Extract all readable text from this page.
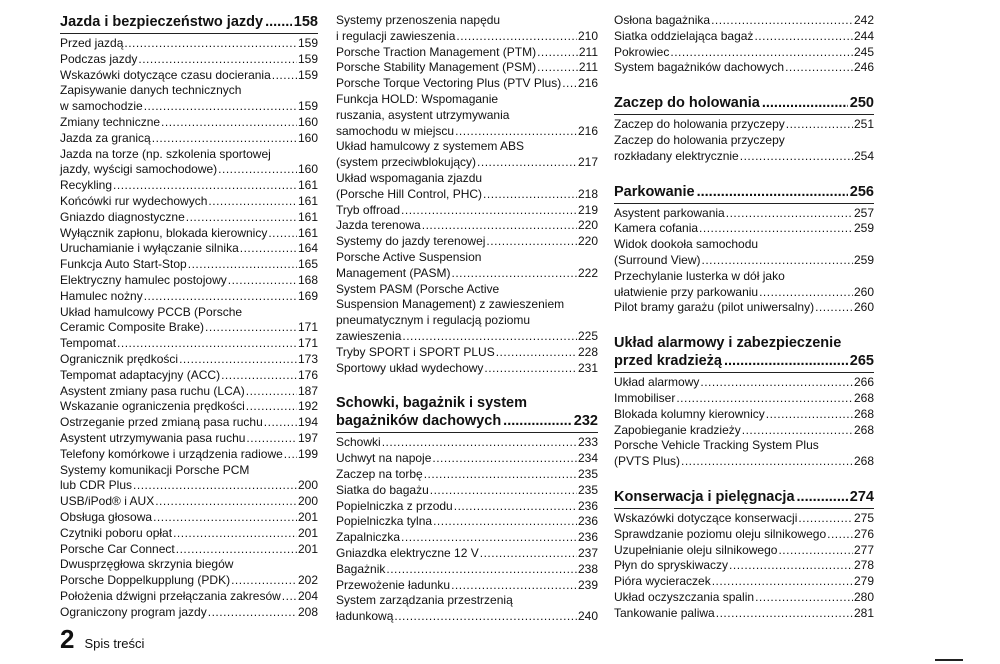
Jazda i bezpieczeństwo jazdy ..... 158
Przed jazdą .....	159
Podczas jazdy .....	159
Wskazówki dotyczące czasu docierania ..... 159
Zapisywanie danych technicznych
w samochodzie .....	159
Zmiany techniczne .....	160
Jazda za granicą .....	160
Jazda na torze (np. szkolenia sportowej
jazdy, wyścigi samochodowe) .....	160
Recykling .....	161
Końcówki rur wydechowych .....	161
Gniazdo diagnostyczne .....	161
Wyłącznik zapłonu, blokada kierownicy .....	161
Uruchamianie i wyłączanie silnika .....	164
Funkcja Auto Start-Stop .....	165
Elektryczny hamulec postojowy .....	168
Hamulec nożny .....	169
Układ hamulcowy PCCB (Porsche
Ceramic Composite Brake) .....	171
Tempomat .....	171
Ogranicznik prędkości .....	173
Tempomat adaptacyjny (ACC) .....	176
Asystent zmiany pasa ruchu (LCA) .....	187
Wskazanie ograniczenia prędkości .....	192
Ostrzeganie przed zmianą pasa ruchu .....	194
Asystent utrzymywania pasa ruchu .....	197
Telefony komórkowe i urządzenia radiowe ..... 199
Systemy komunikacji Porsche PCM
lub CDR Plus .....	200
USB/iPod® i AUX .....	200
Obsługa głosowa .....	201
Czytniki poboru opłat .....	201
Porsche Car Connect .....	201
Dwusprzęgłowa skrzynia biegów
Porsche Doppelkupplung (PDK) .....	202
Położenia dźwigni przełączania zakresów ..... 204
Ograniczony program jazdy .....	208
Systemy przenoszenia napędu
i regulacji zawieszenia .....	210
Porsche Traction Management (PTM) .....	211
Porsche Stability Management (PSM) .....	211
Porsche Torque Vectoring Plus (PTV Plus) ..... 216
Funkcja HOLD: Wspomaganie
ruszania, asystent utrzymywania
samochodu w miejscu .....	216
Układ hamulcowy z systemem ABS
(system przeciwblokujący) .....	217
Układ wspomagania zjazdu
(Porsche Hill Control, PHC) .....	218
Tryb offroad .....	219
Jazda terenowa .....	220
Systemy do jazdy terenowej .....	220
Porsche Active Suspension
Management (PASM) .....	222
System PASM (Porsche Active
Suspension Management) z zawieszeniem
pneumatycznym i regulacją poziomu
zawieszenia .....	225
Tryby SPORT i SPORT PLUS .....	228
Sportowy układ wydechowy .....	231
Schowki, bagażnik i system
bagażników dachowych .....	232
Schowki .....	233
Uchwyt na napoje .....	234
Zaczep na torbę .....	235
Siatka do bagażu .....	235
Popielniczka z przodu .....	236
Popielniczka tylna .....	236
Zapalniczka .....	236
Gniazdka elektryczne 12 V .....	237
Bagażnik .....	238
Przewożenie ładunku .....	239
System zarządzania przestrzenią
ładunkową .....	240
Osłona bagażnika .....	242
Siatka oddzielająca bagaż .....	244
Pokrowiec .....	245
System bagażników dachowych .....	246
Zaczep do holowania .....	250
Zaczep do holowania przyczepy .....	251
Zaczep do holowania przyczepy
rozkładany elektrycznie .....	254
Parkowanie .....	256
Asystent parkowania .....	257
Kamera cofania .....	259
Widok dookoła samochodu
(Surround View) .....	259
Przechylanie lusterka w dół jako
ułatwienie przy parkowaniu .....	260
Pilot bramy garażu (pilot uniwersalny) .....	260
Układ alarmowy i zabezpieczenie
przed kradzieżą .....	265
Układ alarmowy .....	266
Immobiliser .....	268
Blokada kolumny kierownicy .....	268
Zapobieganie kradzieży .....	268
Porsche Vehicle Tracking System Plus
(PVTS Plus) .....	268
Konserwacja i pielęgnacja .....	274
Wskazówki dotyczące konserwacji .....	275
Sprawdzanie poziomu oleju silnikowego ..... 276
Uzupełnianie oleju silnikowego .....	277
Płyn do spryskiwaczy .....	278
Pióra wycieraczek .....	279
Układ oczyszczania spalin .....	280
Tankowanie paliwa .....	281
2 Spis treści
